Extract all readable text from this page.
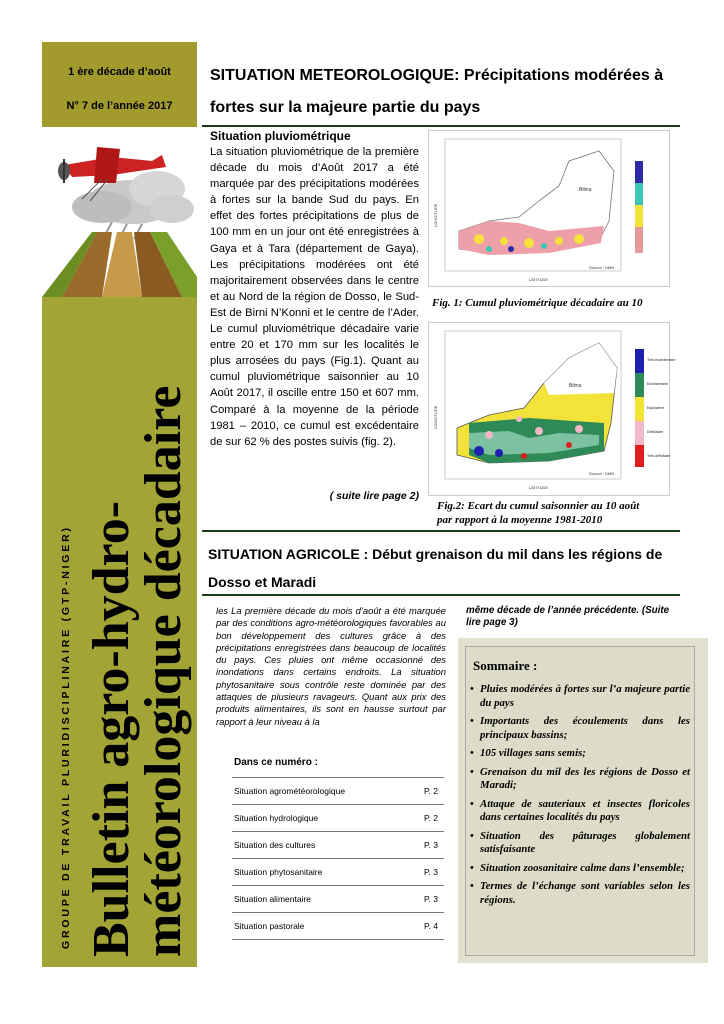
1 ère décade d’août
N° 7 de l’année 2017
GROUPE DE TRAVAIL PLURIDISCIPLINAIRE (GTP-NIGER) Bulletin agro-hydro-
météorologique décadaire
SITUATION METEOROLOGIQUE: Précipitations modérées à fortes sur la majeure partie du pays
Situation pluviométrique
La situation pluviométrique de la première décade du mois d’Août 2017 a été marquée par des précipitations modérées à fortes sur la bande Sud du pays. En effet des fortes précipitations de plus de 100 mm en un jour ont été enregistrées à Gaya et à Tara (département de Gaya). Les précipitations modérées ont été majoritairement observées dans le centre et au Nord de la région de Dosso, le Sud-Est de Birni N’Konni et le centre de l’Ader. Le cumul pluviométrique décadaire varie entre 20 et 170 mm sur les localités le plus arrosées du pays (Fig.1). Quant au cumul pluviométrique saisonnier au 10 Août 2017, il oscille entre 150 et 607 mm. Comparé à la moyenne de la période 1981 – 2010, ce cumul est excédentaire de sur 62 % des postes suivis (fig. 2).
( suite lire page 2)
Bilma
LATITUDE
LONGITUDE
Source : DMN
Fig. 1: Cumul pluviométrique décadaire au 10
Bilma
LATITUDE
LONGITUDE
Source : DMN
Très excédentaire
Excédentaire
Equivalent
Déficitaire
Très déficitaire
Fig.2: Ecart du cumul saisonnier au 10 août
par rapport à la moyenne 1981-2010
SITUATION AGRICOLE : Début grenaison du mil dans les régions de Dosso et Maradi
les La première décade du mois d’août a été marquée par des conditions agro-météorologiques favorables au bon développement des cultures grâce à des précipitations enregistrées dans beaucoup de localités du pays. Ces pluies ont même occasionné des inondations dans certains endroits. La situation phytosanitaire sous contrôle reste dominée par des attaques de plusieurs ravageurs. Quant aux prix des produits alimentaires, ils sont en hausse surtout par rapport à leur niveau à la
même décade de l’année précédente. (Suite lire page 3)
Dans ce numéro :
Situation agrométéorologique	P. 2
Situation hydrologique	P. 2
Situation des cultures	P. 3
Situation phytosanitaire	P. 3
Situation alimentaire	P. 3
Situation pastorale	P. 4
Sommaire :
• Pluies modérées à fortes sur l’a majeure partie du pays
• Importants des écoulements dans les principaux bassins;
• 105 villages sans semis;
• Grenaison du mil des les régions de Dosso et Maradi;
• Attaque de sauteriaux et insectes floricoles dans certaines localités du pays
• Situation des pâturages globalement satisfaisante
• Situation zoosanitaire calme dans l’ensemble;
• Termes de l’échange sont variables selon les régions.
